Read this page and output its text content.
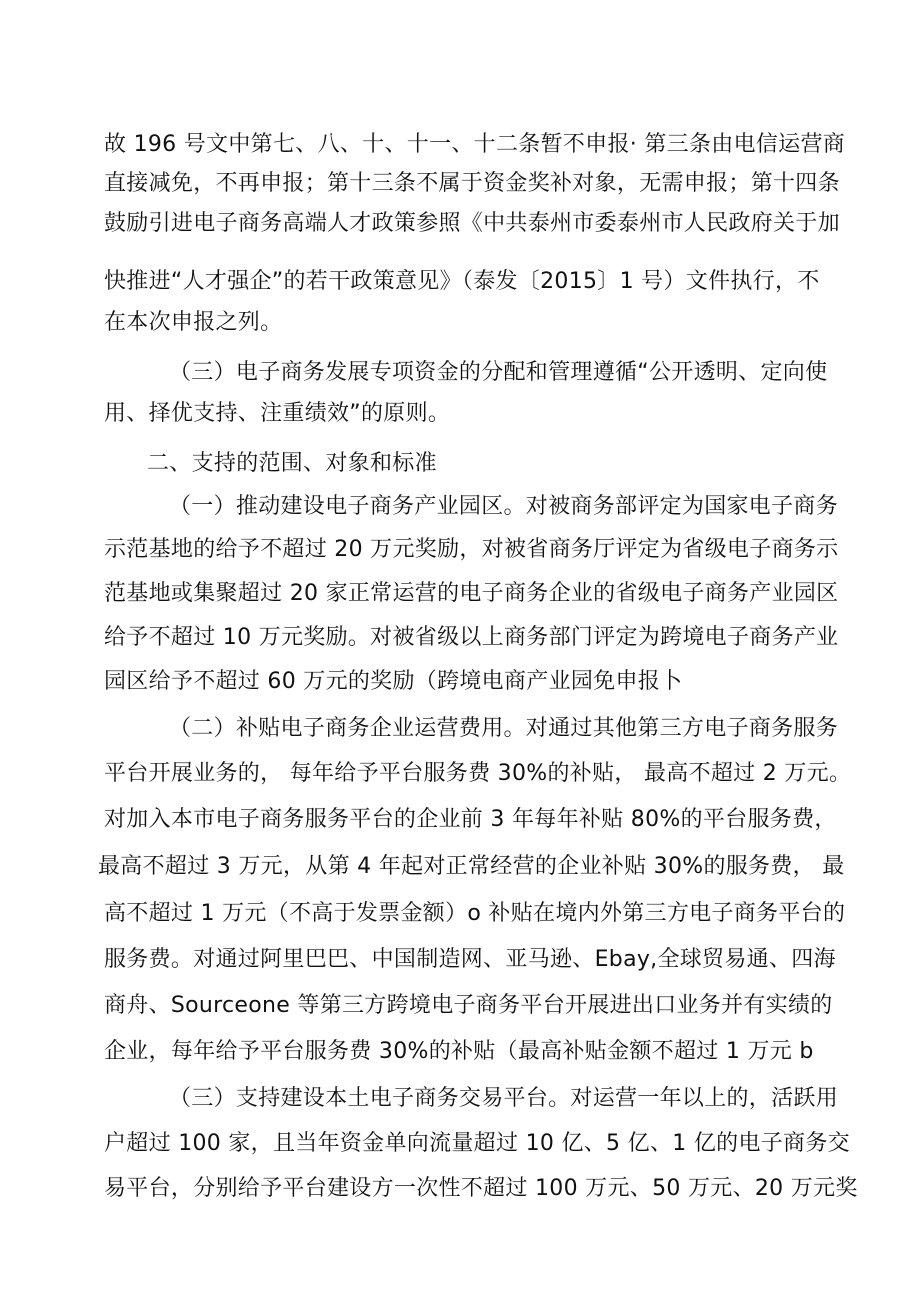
故 196 号文中第七、八、十、十一、十二条暂不申报· 第三条由电信运营商
直接减免，不再申报；第十三条不属于资金奖补对象，无需申报；第十四条
鼓励引进电子商务高端人才政策参照《中共泰州市委泰州市人民政府关于加
快推进“人才强企”的若干政策意见》（泰发〔2015〕1 号）文件执行，不
在本次申报之列。
（三）电子商务发展专项资金的分配和管理遵循“公开透明、定向使
用、择优支持、注重绩效”的原则。
二、支持的范围、对象和标准
（一）推动建设电子商务产业园区。对被商务部评定为国家电子商务
示范基地的给予不超过 20 万元奖励，对被省商务厅评定为省级电子商务示
范基地或集聚超过 20 家正常运营的电子商务企业的省级电子商务产业园区
给予不超过 10 万元奖励。对被省级以上商务部门评定为跨境电子商务产业
园区给予不超过 60 万元的奖励（跨境电商产业园免申报卜
（二）补贴电子商务企业运营费用。对通过其他第三方电子商务服务
平台开展业务的， 每年给予平台服务费 30%的补贴， 最高不超过 2 万元。
对加入本市电子商务服务平台的企业前 3 年每年补贴 80%的平台服务费，
最高不超过 3 万元，从第 4 年起对正常经营的企业补贴 30%的服务费， 最
高不超过 1 万元（不高于发票金额）o 补贴在境内外第三方电子商务平台的
服务费。对通过阿里巴巴、中国制造网、亚马逊、Ebay,全球贸易通、四海
商舟、Sourceone 等第三方跨境电子商务平台开展进出口业务并有实绩的
企业，每年给予平台服务费 30%的补贴（最高补贴金额不超过 1 万元 b
（三）支持建设本土电子商务交易平台。对运营一年以上的，活跃用
户超过 100 家，且当年资金单向流量超过 10 亿、5 亿、1 亿的电子商务交
易平台，分别给予平台建设方一次性不超过 100 万元、50 万元、20 万元奖
